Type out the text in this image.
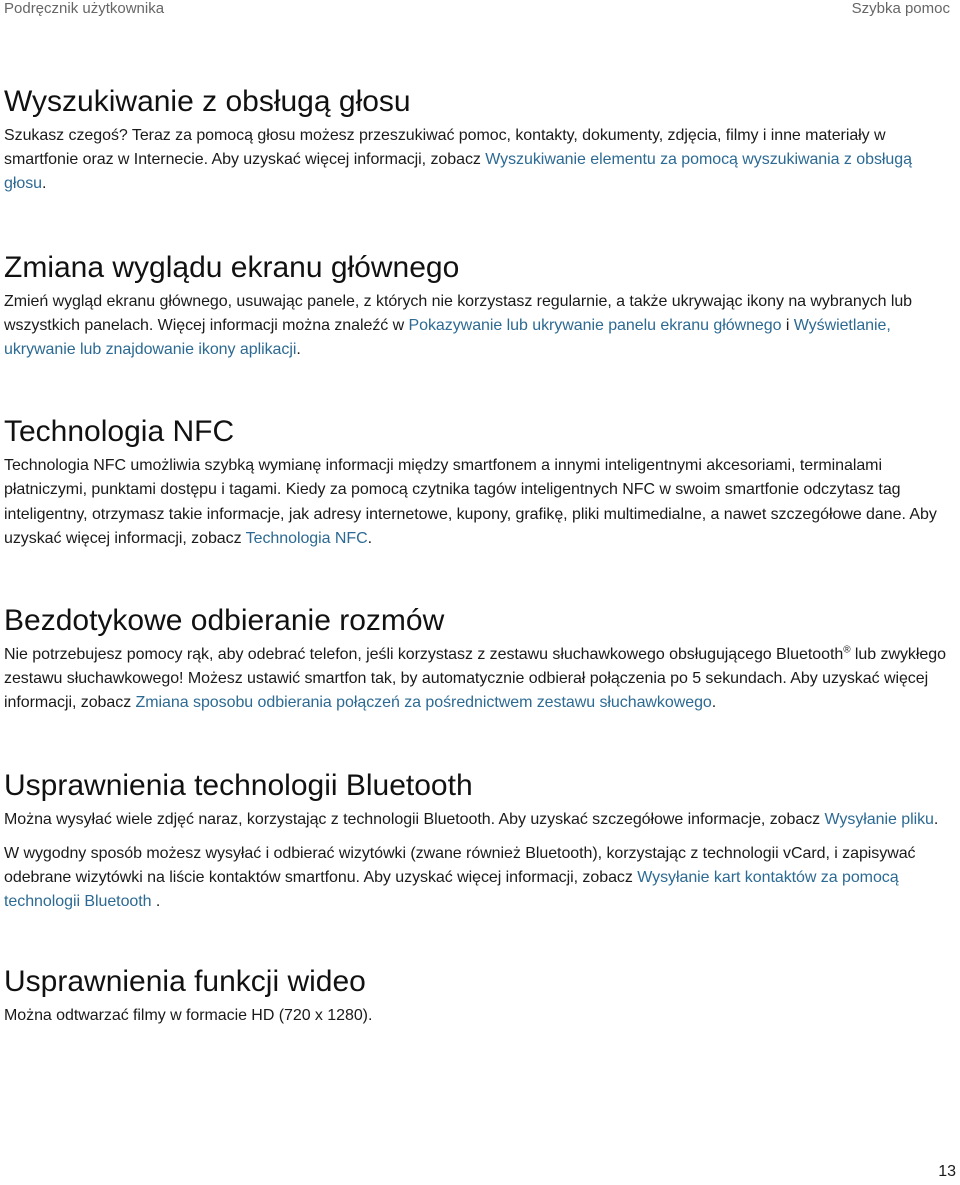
Podręcznik użytkownika	Szybka pomoc
Wyszukiwanie z obsługą głosu

Szukasz czegoś? Teraz za pomocą głosu możesz przeszukiwać pomoc, kontakty, dokumenty, zdjęcia, filmy i inne materiały w smartfonie oraz w Internecie. Aby uzyskać więcej informacji, zobacz Wyszukiwanie elementu za pomocą wyszukiwania z obsługą głosu.

Zmiana wyglądu ekranu głównego

Zmień wygląd ekranu głównego, usuwając panele, z których nie korzystasz regularnie, a także ukrywając ikony na wybranych lub wszystkich panelach. Więcej informacji można znaleźć w Pokazywanie lub ukrywanie panelu ekranu głównego i Wyświetlanie, ukrywanie lub znajdowanie ikony aplikacji.

Technologia NFC

Technologia NFC umożliwia szybką wymianę informacji między smartfonem a innymi inteligentnymi akcesoriami, terminalami płatniczymi, punktami dostępu i tagami. Kiedy za pomocą czytnika tagów inteligentnych NFC w swoim smartfonie odczytasz tag inteligentny, otrzymasz takie informacje, jak adresy internetowe, kupony, grafikę, pliki multimedialne, a nawet szczegółowe dane. Aby uzyskać więcej informacji, zobacz Technologia NFC.

Bezdotykowe odbieranie rozmów

Nie potrzebujesz pomocy rąk, aby odebrać telefon, jeśli korzystasz z zestawu słuchawkowego obsługującego Bluetooth® lub zwykłego zestawu słuchawkowego! Możesz ustawić smartfon tak, by automatycznie odbierał połączenia po 5 sekundach. Aby uzyskać więcej informacji, zobacz Zmiana sposobu odbierania połączeń za pośrednictwem zestawu słuchawkowego.

Usprawnienia technologii Bluetooth

Można wysyłać wiele zdjęć naraz, korzystając z technologii Bluetooth. Aby uzyskać szczegółowe informacje, zobacz Wysyłanie pliku.

W wygodny sposób możesz wysyłać i odbierać wizytówki (zwane również Bluetooth), korzystając z technologii vCard, i zapisywać odebrane wizytówki na liście kontaktów smartfonu. Aby uzyskać więcej informacji, zobacz Wysyłanie kart kontaktów za pomocą technologii Bluetooth .

Usprawnienia funkcji wideo

Można odtwarzać filmy w formacie HD (720 x 1280).

13
